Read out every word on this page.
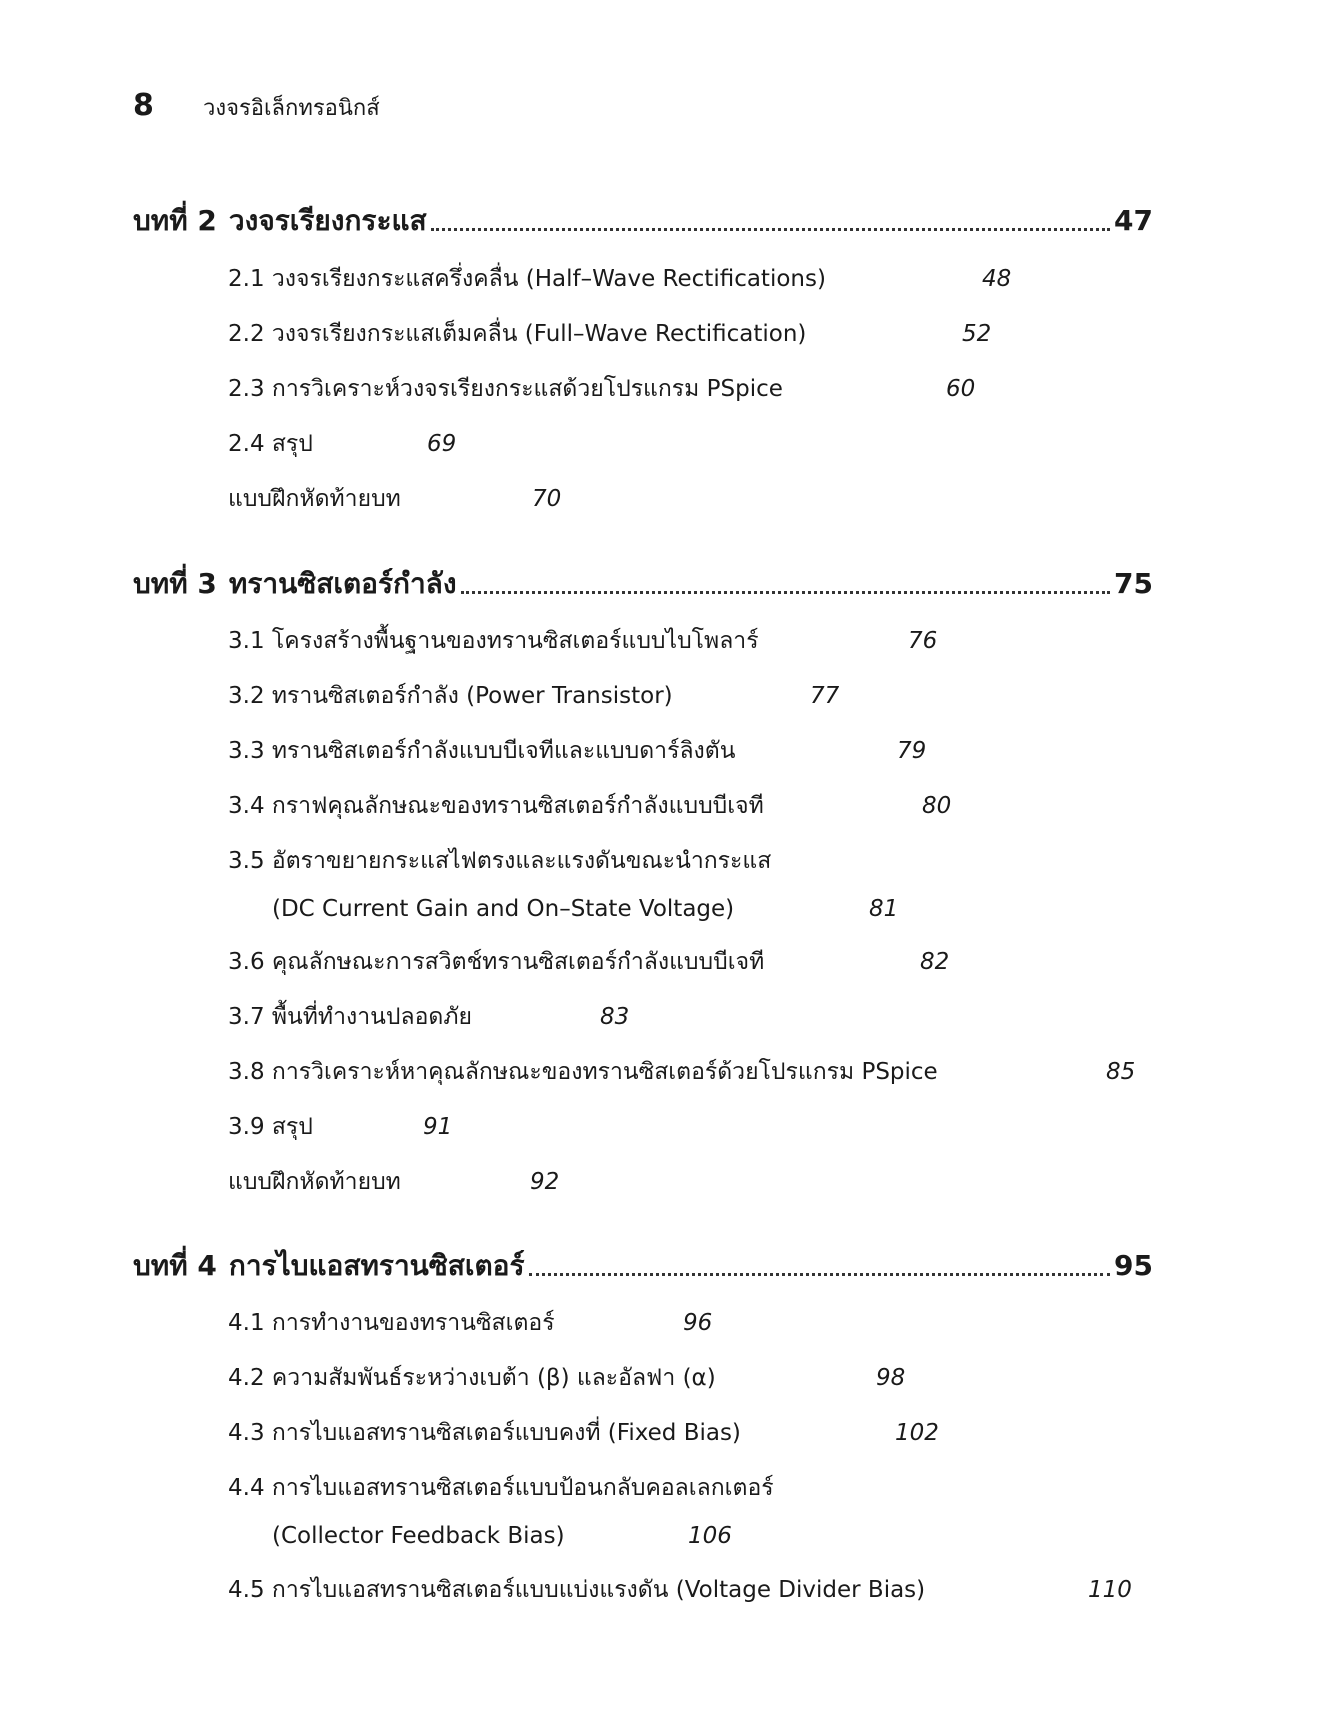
8	วงจรอิเล็กทรอนิกส์
บทที่ 2 วงจรเรียงกระแส	47
2.1 วงจรเรียงกระแสครึ่งคลื่น (Half–Wave Rectifications)	48
2.2 วงจรเรียงกระแสเต็มคลื่น (Full–Wave Rectification)	52
2.3 การวิเคราะห์วงจรเรียงกระแสด้วยโปรแกรม PSpice	60
2.4 สรุป	69
แบบฝึกหัดท้ายบท	70
บทที่ 3 ทรานซิสเตอร์กำลัง	75
3.1 โครงสร้างพื้นฐานของทรานซิสเตอร์แบบไบโพลาร์	76
3.2 ทรานซิสเตอร์กำลัง (Power Transistor)	77
3.3 ทรานซิสเตอร์กำลังแบบบีเจทีและแบบดาร์ลิงตัน	79
3.4 กราฟคุณลักษณะของทรานซิสเตอร์กำลังแบบบีเจที	80
3.5 อัตราขยายกระแสไฟตรงและแรงดันขณะนำกระแส
(DC Current Gain and On–State Voltage)	81
3.6 คุณลักษณะการสวิตช์ทรานซิสเตอร์กำลังแบบบีเจที	82
3.7 พื้นที่ทำงานปลอดภัย	83
3.8 การวิเคราะห์หาคุณลักษณะของทรานซิสเตอร์ด้วยโปรแกรม PSpice	85
3.9 สรุป	91
แบบฝึกหัดท้ายบท	92
บทที่ 4 การไบแอสทรานซิสเตอร์	95
4.1 การทำงานของทรานซิสเตอร์	96
4.2 ความสัมพันธ์ระหว่างเบต้า (β) และอัลฟา (α)	98
4.3 การไบแอสทรานซิสเตอร์แบบคงที่ (Fixed Bias)	102
4.4 การไบแอสทรานซิสเตอร์แบบป้อนกลับคอลเลกเตอร์
(Collector Feedback Bias)	106
4.5 การไบแอสทรานซิสเตอร์แบบแบ่งแรงดัน (Voltage Divider Bias)	110
